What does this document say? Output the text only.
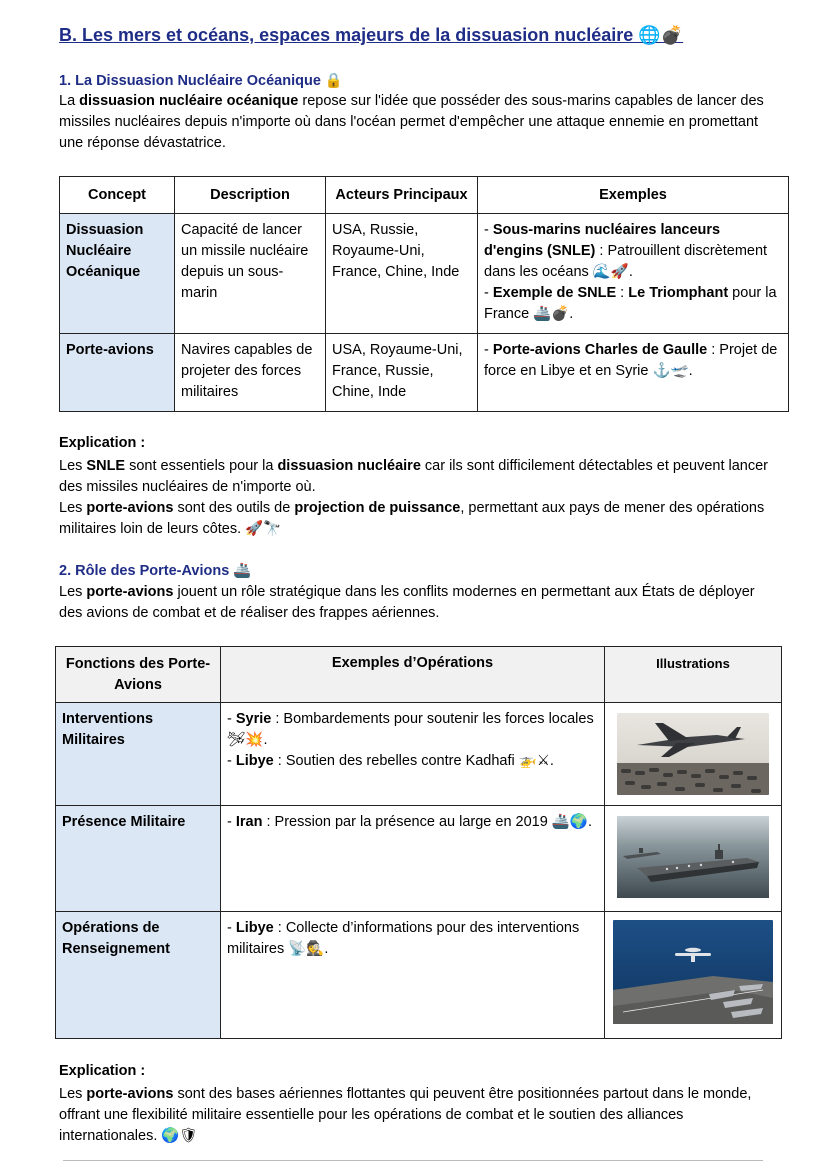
B. Les mers et océans, espaces majeurs de la dissuasion nucléaire 🌐💣
1. La Dissuasion Nucléaire Océanique 🔒
La dissuasion nucléaire océanique repose sur l'idée que posséder des sous-marins capables de lancer des missiles nucléaires depuis n'importe où dans l'océan permet d'empêcher une attaque ennemie en promettant une réponse dévastatrice.
Concept	Description	Acteurs Principaux	Exemples
Dissuasion Nucléaire Océanique	Capacité de lancer un missile nucléaire depuis un sous-marin	USA, Russie, Royaume-Uni, France, Chine, Inde	- Sous-marins nucléaires lanceurs d'engins (SNLE) : Patrouillent discrètement dans les océans 🌊🚀.
- Exemple de SNLE : Le Triomphant pour la France 🚢💣.
Porte-avions	Navires capables de projeter des forces militaires	USA, Royaume-Uni, France, Russie, Chine, Inde	- Porte-avions Charles de Gaulle : Projet de force en Libye et en Syrie ⚓🛫.
Explication :
Les SNLE sont essentiels pour la dissuasion nucléaire car ils sont difficilement détectables et peuvent lancer des missiles nucléaires de n'importe où.
Les porte-avions sont des outils de projection de puissance, permettant aux pays de mener des opérations militaires loin de leurs côtes. 🚀🔭
2. Rôle des Porte-Avions 🚢
Les porte-avions jouent un rôle stratégique dans les conflits modernes en permettant aux États de déployer des avions de combat et de réaliser des frappes aériennes.
Fonctions des Porte-Avions	Exemples d’Opérations	Illustrations
Interventions Militaires	- Syrie : Bombardements pour soutenir les forces locales 🛩💥.
- Libye : Soutien des rebelles contre Kadhafi 🚁⚔.	

Présence Militaire	- Iran : Pression par la présence au large en 2019 🚢🌍.	

Opérations de Renseignement	- Libye : Collecte d’informations pour des interventions militaires 📡🕵.	
Explication :
Les porte-avions sont des bases aériennes flottantes qui peuvent être positionnées partout dans le monde, offrant une flexibilité militaire essentielle pour les opérations de combat et le soutien des alliances internationales. 🌍🛡
